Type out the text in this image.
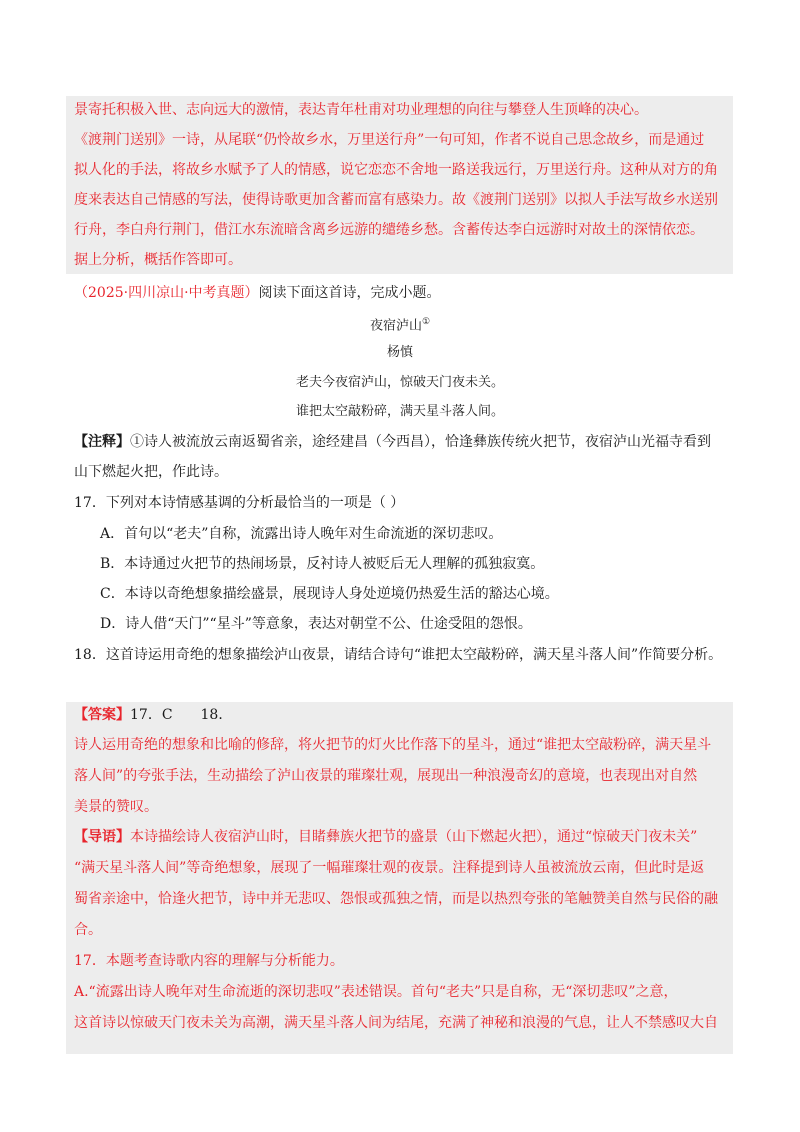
景寄托积极入世、志向远大的激情，表达青年杜甫对功业理想的向往与攀登人生顶峰的决心。
《渡荆门送别》一诗，从尾联“仍怜故乡水，万里送行舟”一句可知，作者不说自己思念故乡，而是通过
拟人化的手法，将故乡水赋予了人的情感，说它恋恋不舍地一路送我远行，万里送行舟。这种从对方的角
度来表达自己情感的写法，使得诗歌更加含蓄而富有感染力。故《渡荆门送别》以拟人手法写故乡水送别
行舟，李白舟行荆门，借江水东流暗含离乡远游的缱绻乡愁。含蓄传达李白远游时对故土的深情依恋。
据上分析，概括作答即可。
（2025·四川凉山·中考真题）阅读下面这首诗，完成小题。
夜宿泸山①
杨慎
老夫今夜宿泸山，惊破天门夜未关。
谁把太空敲粉碎，满天星斗落人间。
【注释】①诗人被流放云南返蜀省亲，途经建昌（今西昌），恰逢彝族传统火把节，夜宿泸山光福寺看到
山下燃起火把，作此诗。
17．下列对本诗情感基调的分析最恰当的一项是（ ）
A．首句以“老夫”自称，流露出诗人晚年对生命流逝的深切悲叹。
B．本诗通过火把节的热闹场景，反衬诗人被贬后无人理解的孤独寂寞。
C．本诗以奇绝想象描绘盛景，展现诗人身处逆境仍热爱生活的豁达心境。
D．诗人借“天门”“星斗”等意象，表达对朝堂不公、仕途受阻的怨恨。
18．这首诗运用奇绝的想象描绘泸山夜景，请结合诗句“谁把太空敲粉碎，满天星斗落人间”作简要分析。
【答案】17．C　　18．
诗人运用奇绝的想象和比喻的修辞，将火把节的灯火比作落下的星斗，通过“谁把太空敲粉碎，满天星斗
落人间”的夸张手法，生动描绘了泸山夜景的璀璨壮观，展现出一种浪漫奇幻的意境，也表现出对自然
美景的赞叹。
【导语】本诗描绘诗人夜宿泸山时，目睹彝族火把节的盛景（山下燃起火把），通过“惊破天门夜未关”
“满天星斗落人间”等奇绝想象，展现了一幅璀璨壮观的夜景。注释提到诗人虽被流放云南，但此时是返
蜀省亲途中，恰逢火把节，诗中并无悲叹、怨恨或孤独之情，而是以热烈夸张的笔触赞美自然与民俗的融
合。
17．本题考查诗歌内容的理解与分析能力。
A.“流露出诗人晚年对生命流逝的深切悲叹”表述错误。首句“老夫”只是自称，无“深切悲叹”之意，
这首诗以惊破天门夜未关为高潮，满天星斗落人间为结尾，充满了神秘和浪漫的气息，让人不禁感叹大自
